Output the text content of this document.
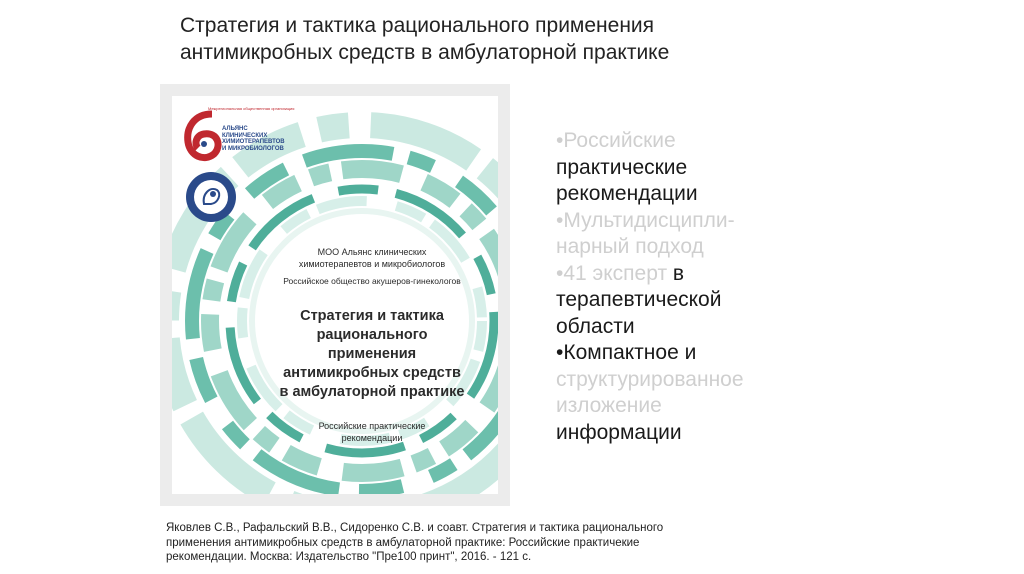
Стратегия и тактика рационального применения
антимикробных средств в амбулаторной практике
Межрегиональная общественная организация
АЛЬЯНС
КЛИНИЧЕСКИХ
ХИМИОТЕРАПЕВТОВ
И МИКРОБИОЛОГОВ
МОО Альянс клинических
химиотерапевтов и микробиологов
Российское общество акушеров-гинекологов
Стратегия и тактика
рационального применения
антимикробных средств
в амбулаторной практике
Российские практические
рекомендации
•Российские
практические
рекомендации
•Мультидисципли-
нарный подход
•41 эксперт в
терапевтической
области
•Компактное и
структурированное
изложение
информации
Яковлев С.В., Рафальский В.В., Сидоренко С.В. и соавт. Стратегия и тактика рационального
применения антимикробных средств в амбулаторной практике: Российские практичекие
рекомендации. Москва: Издательство "Пре100 принт", 2016. - 121 с.
